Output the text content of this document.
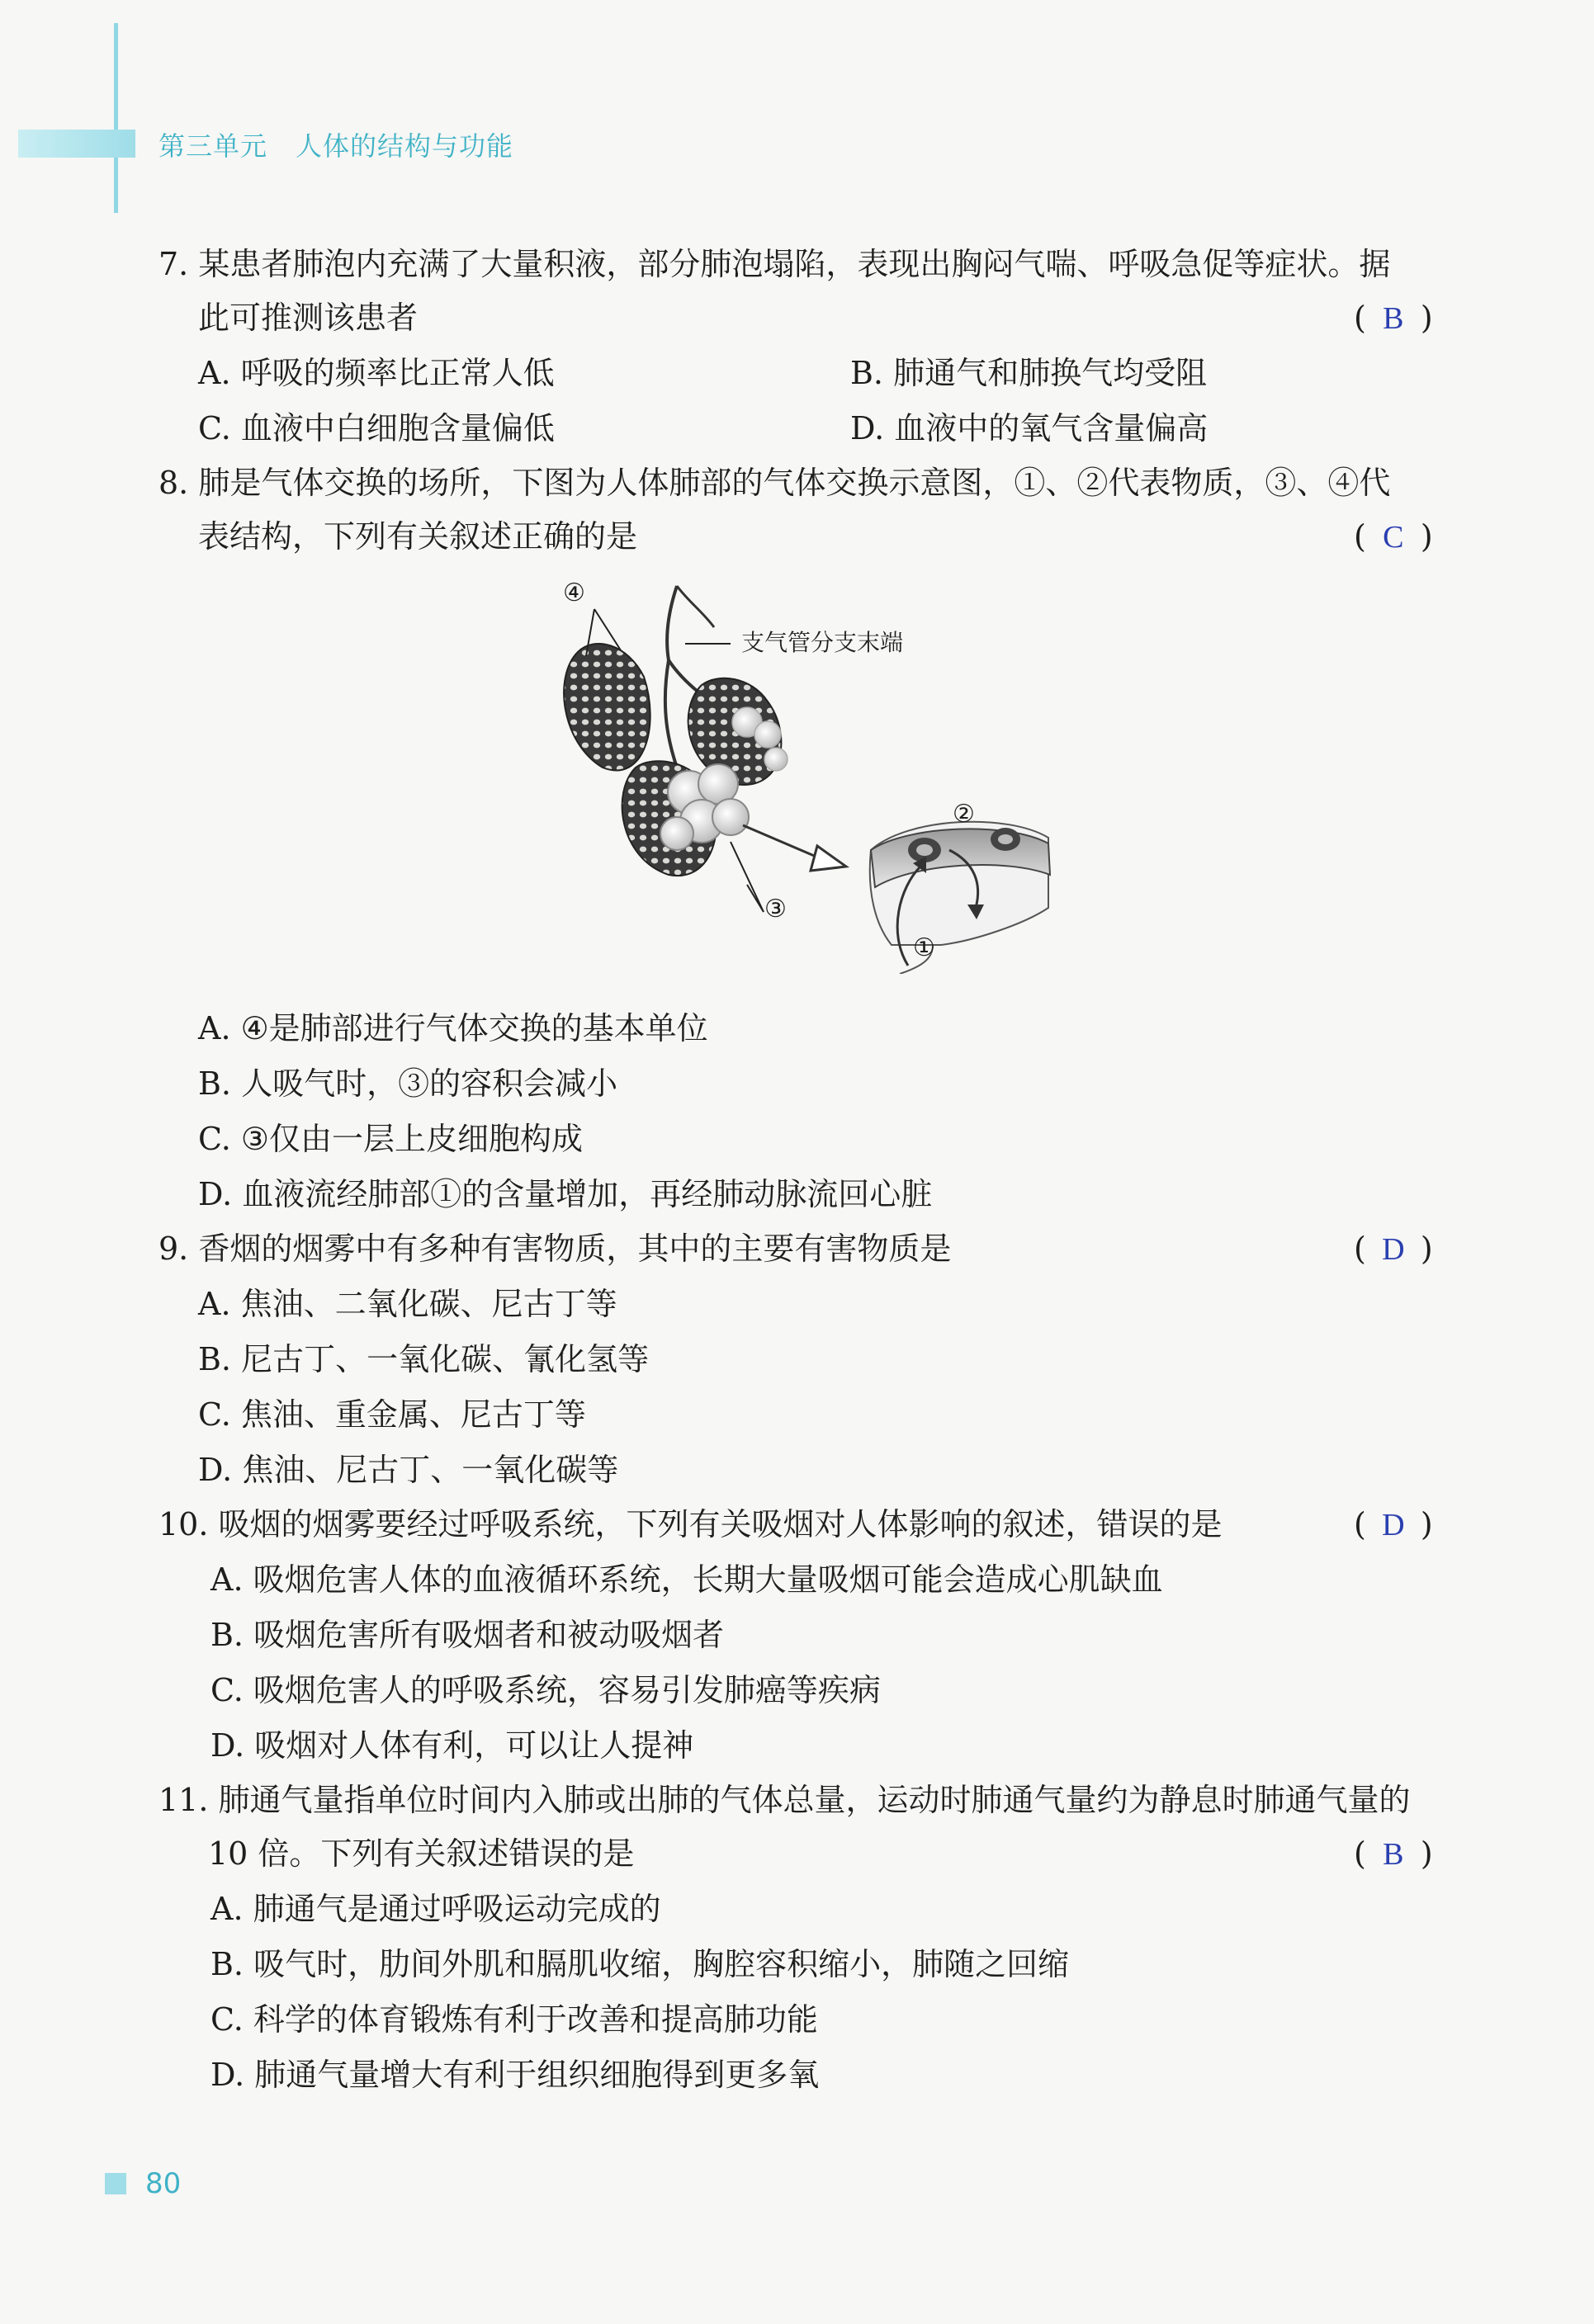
第三单元 人体的结构与功能
7. 某患者肺泡内充满了大量积液，部分肺泡塌陷，表现出胸闷气喘、呼吸急促等症状。据
此可推测该患者	( B )
A. 呼吸的频率比正常人低	B. 肺通气和肺换气均受阻
C. 血液中白细胞含量偏低	D. 血液中的氧气含量偏高
8. 肺是气体交换的场所，下图为人体肺部的气体交换示意图，①、②代表物质，③、④代
表结构，下列有关叙述正确的是	( C )
④
支气管分支末端
②
③
①
A. ④是肺部进行气体交换的基本单位
B. 人吸气时，③的容积会减小
C. ③仅由一层上皮细胞构成
D. 血液流经肺部①的含量增加，再经肺动脉流回心脏
9. 香烟的烟雾中有多种有害物质，其中的主要有害物质是	( D )
A. 焦油、二氧化碳、尼古丁等
B. 尼古丁、一氧化碳、氰化氢等
C. 焦油、重金属、尼古丁等
D. 焦油、尼古丁、一氧化碳等
10. 吸烟的烟雾要经过呼吸系统，下列有关吸烟对人体影响的叙述，错误的是	( D )
A. 吸烟危害人体的血液循环系统，长期大量吸烟可能会造成心肌缺血
B. 吸烟危害所有吸烟者和被动吸烟者
C. 吸烟危害人的呼吸系统，容易引发肺癌等疾病
D. 吸烟对人体有利，可以让人提神
11. 肺通气量指单位时间内入肺或出肺的气体总量，运动时肺通气量约为静息时肺通气量的
10 倍。下列有关叙述错误的是	( B )
A. 肺通气是通过呼吸运动完成的
B. 吸气时，肋间外肌和膈肌收缩，胸腔容积缩小，肺随之回缩
C. 科学的体育锻炼有利于改善和提高肺功能
D. 肺通气量增大有利于组织细胞得到更多氧
80
